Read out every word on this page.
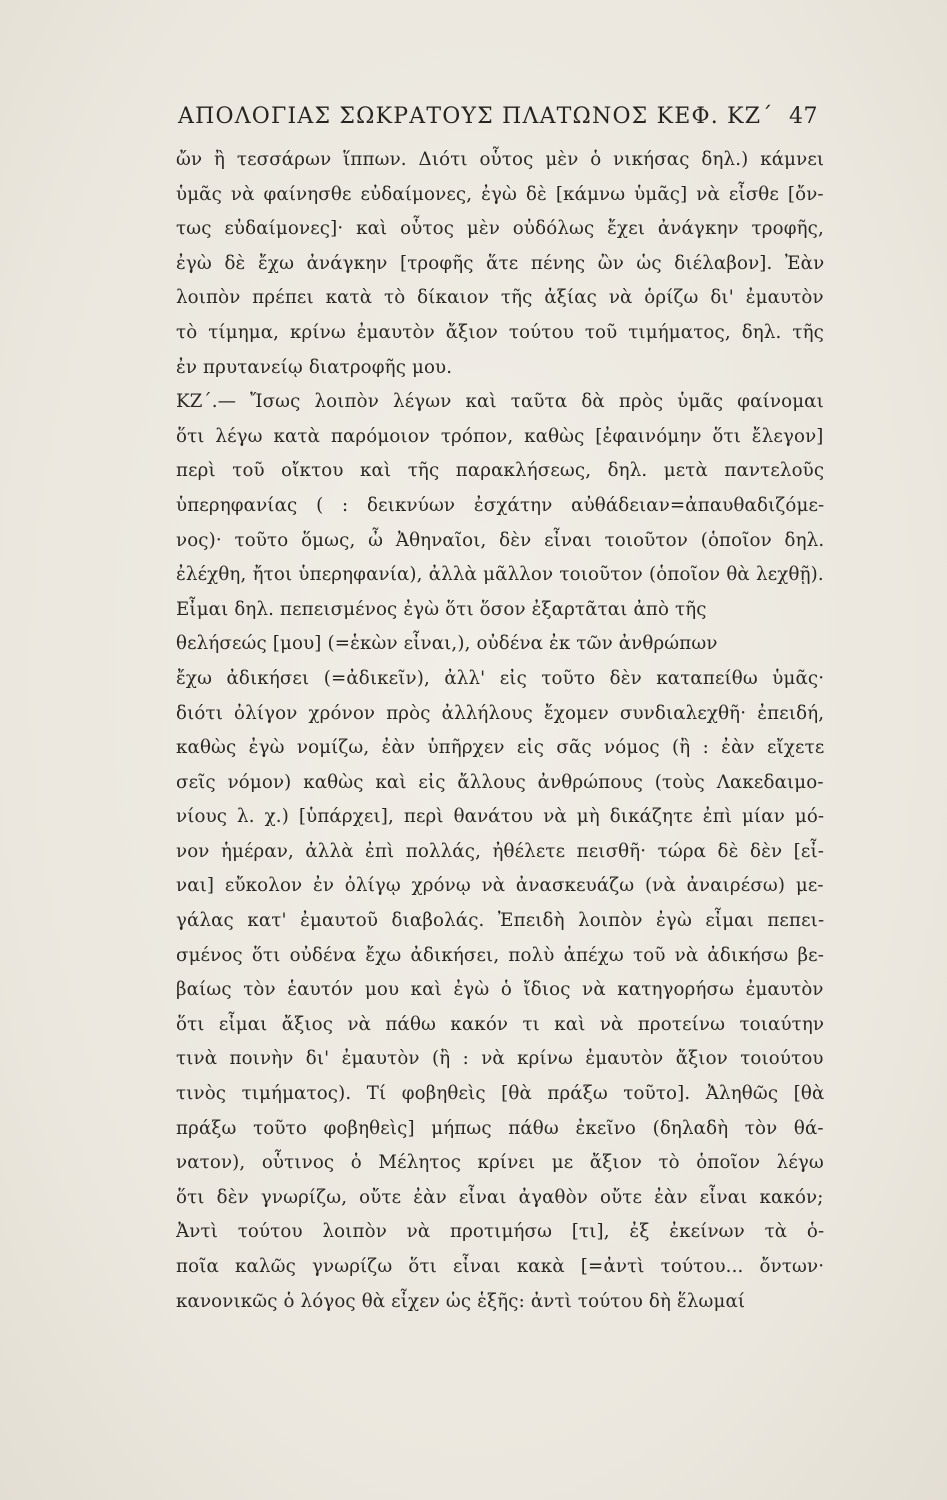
ΑΠΟΛΟΓΙΑΣ ΣΩΚΡΑΤΟΥΣ ΠΛΑΤΩΝΟΣ ΚΕΦ. ΚΖ΄ 47
ὤν ἢ τεσσάρων ἵππων. Διότι οὗτος μὲν ὁ νικήσας δηλ.) κάμνει
ὑμᾶς νὰ φαίνησθε εὐδαίμονες, ἐγὼ δὲ [κάμνω ὑμᾶς] νὰ εἶσθε [ὄν-
τως εὐδαίμονες]· καὶ οὗτος μὲν οὐδόλως ἔχει ἀνάγκην τροφῆς,
ἐγὼ δὲ ἔχω ἀνάγκην [τροφῆς ἅτε πένης ὢν ὡς διέλαβον]. Ἐὰν
λοιπὸν πρέπει κατὰ τὸ δίκαιον τῆς ἀξίας νὰ ὁρίζω δι' ἐμαυτὸν
τὸ τίμημα, κρίνω ἐμαυτὸν ἄξιον τούτου τοῦ τιμήματος, δηλ. τῆς
ἐν πρυτανείῳ διατροφῆς μου.
ΚΖ΄.— Ἴσως λοιπὸν λέγων καὶ ταῦτα δὰ πρὸς ὑμᾶς φαίνομαι
ὅτι λέγω κατὰ παρόμοιον τρόπον, καθὼς [ἐφαινόμην ὅτι ἔλεγον]
περὶ τοῦ οἴκτου καὶ τῆς παρακλήσεως, δηλ. μετὰ παντελοῦς
ὑπερηφανίας ( : δεικνύων ἐσχάτην αὐθάδειαν=ἀπαυθαδιζόμε-
νος)· τοῦτο ὅμως, ὦ Ἀθηναῖοι, δὲν εἶναι τοιοῦτον (ὁποῖον δηλ.
ἐλέχθη, ἤτοι ὑπερηφανία), ἀλλὰ μᾶλλον τοιοῦτον (ὁποῖον θὰ λεχθῇ).
Εἶμαι δηλ. πεπεισμένος ἐγὼ ὅτι ὅσον ἐξαρτᾶται ἀπὸ τῆς
θελήσεώς [μου] (=ἑκὼν εἶναι,), οὐδένα ἐκ τῶν ἀνθρώπων
ἔχω ἀδικήσει (=ἀδικεῖν), ἀλλ' εἰς τοῦτο δὲν καταπείθω ὑμᾶς·
διότι ὀλίγον χρόνον πρὸς ἀλλήλους ἔχομεν συνδιαλεχθῆ· ἐπειδή,
καθὼς ἐγὼ νομίζω, ἐὰν ὑπῆρχεν εἰς σᾶς νόμος (ἢ : ἐὰν εἴχετε
σεῖς νόμον) καθὼς καὶ εἰς ἄλλους ἀνθρώπους (τοὺς Λακεδαιμο-
νίους λ. χ.) [ὑπάρχει], περὶ θανάτου νὰ μὴ δικάζητε ἐπὶ μίαν μό-
νον ἡμέραν, ἀλλὰ ἐπὶ πολλάς, ἠθέλετε πεισθῆ· τώρα δὲ δὲν [εἶ-
ναι] εὔκολον ἐν ὀλίγῳ χρόνῳ νὰ ἀνασκευάζω (νὰ ἀναιρέσω) με-
γάλας κατ' ἐμαυτοῦ διαβολάς. Ἐπειδὴ λοιπὸν ἐγὼ εἶμαι πεπει-
σμένος ὅτι οὐδένα ἔχω ἀδικήσει, πολὺ ἀπέχω τοῦ νὰ ἀδικήσω βε-
βαίως τὸν ἑαυτόν μου καὶ ἐγὼ ὁ ἴδιος νὰ κατηγορήσω ἐμαυτὸν
ὅτι εἶμαι ἄξιος νὰ πάθω κακόν τι καὶ νὰ προτείνω τοιαύτην
τινὰ ποινὴν δι' ἐμαυτὸν (ἢ : νὰ κρίνω ἐμαυτὸν ἄξιον τοιούτου
τινὸς τιμήματος). Τί φοβηθεὶς [θὰ πράξω τοῦτο]. Ἀληθῶς [θὰ
πράξω τοῦτο φοβηθεὶς] μήπως πάθω ἐκεῖνο (δηλαδὴ τὸν θά-
νατον), οὗτινος ὁ Μέλητος κρίνει με ἄξιον τὸ ὁποῖον λέγω
ὅτι δὲν γνωρίζω, οὔτε ἐὰν εἶναι ἀγαθὸν οὔτε ἐὰν εἶναι κακόν;
Ἀντὶ τούτου λοιπὸν νὰ προτιμήσω [τι], ἐξ ἐκείνων τὰ ὁ-
ποῖα καλῶς γνωρίζω ὅτι εἶναι κακὰ [=ἀντὶ τούτου... ὄντων·
κανονικῶς ὁ λόγος θὰ εἶχεν ὡς ἑξῆς: ἀντὶ τούτου δὴ ἕλωμαί
